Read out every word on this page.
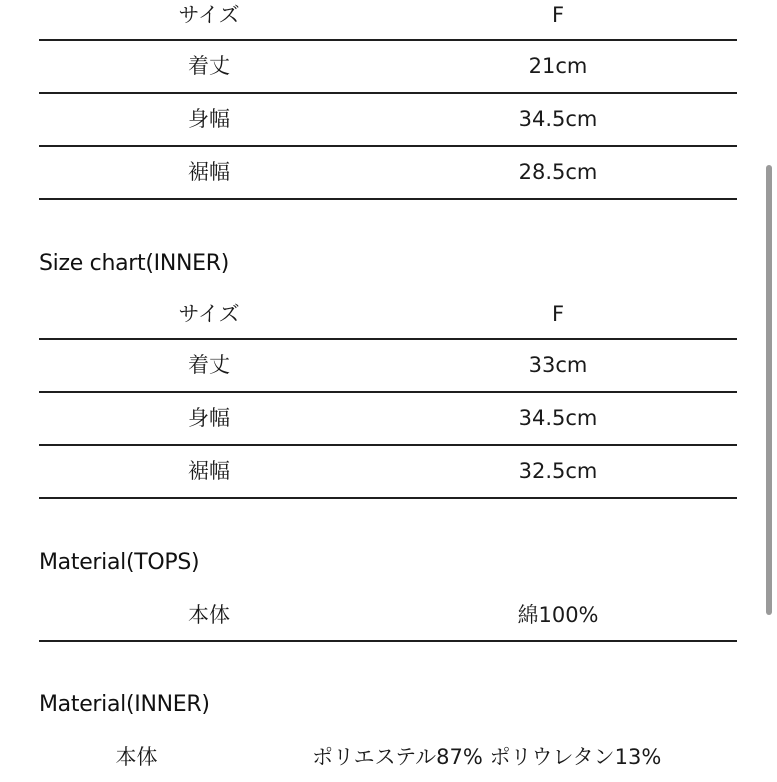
サイズ	F
着丈	21cm
身幅	34.5cm
裾幅	28.5cm
Size chart(INNER)
サイズ	F
着丈	33cm
身幅	34.5cm
裾幅	32.5cm
Material(TOPS)
本体	綿100%
Material(INNER)
本体	ポリエステル87% ポリウレタン13%
